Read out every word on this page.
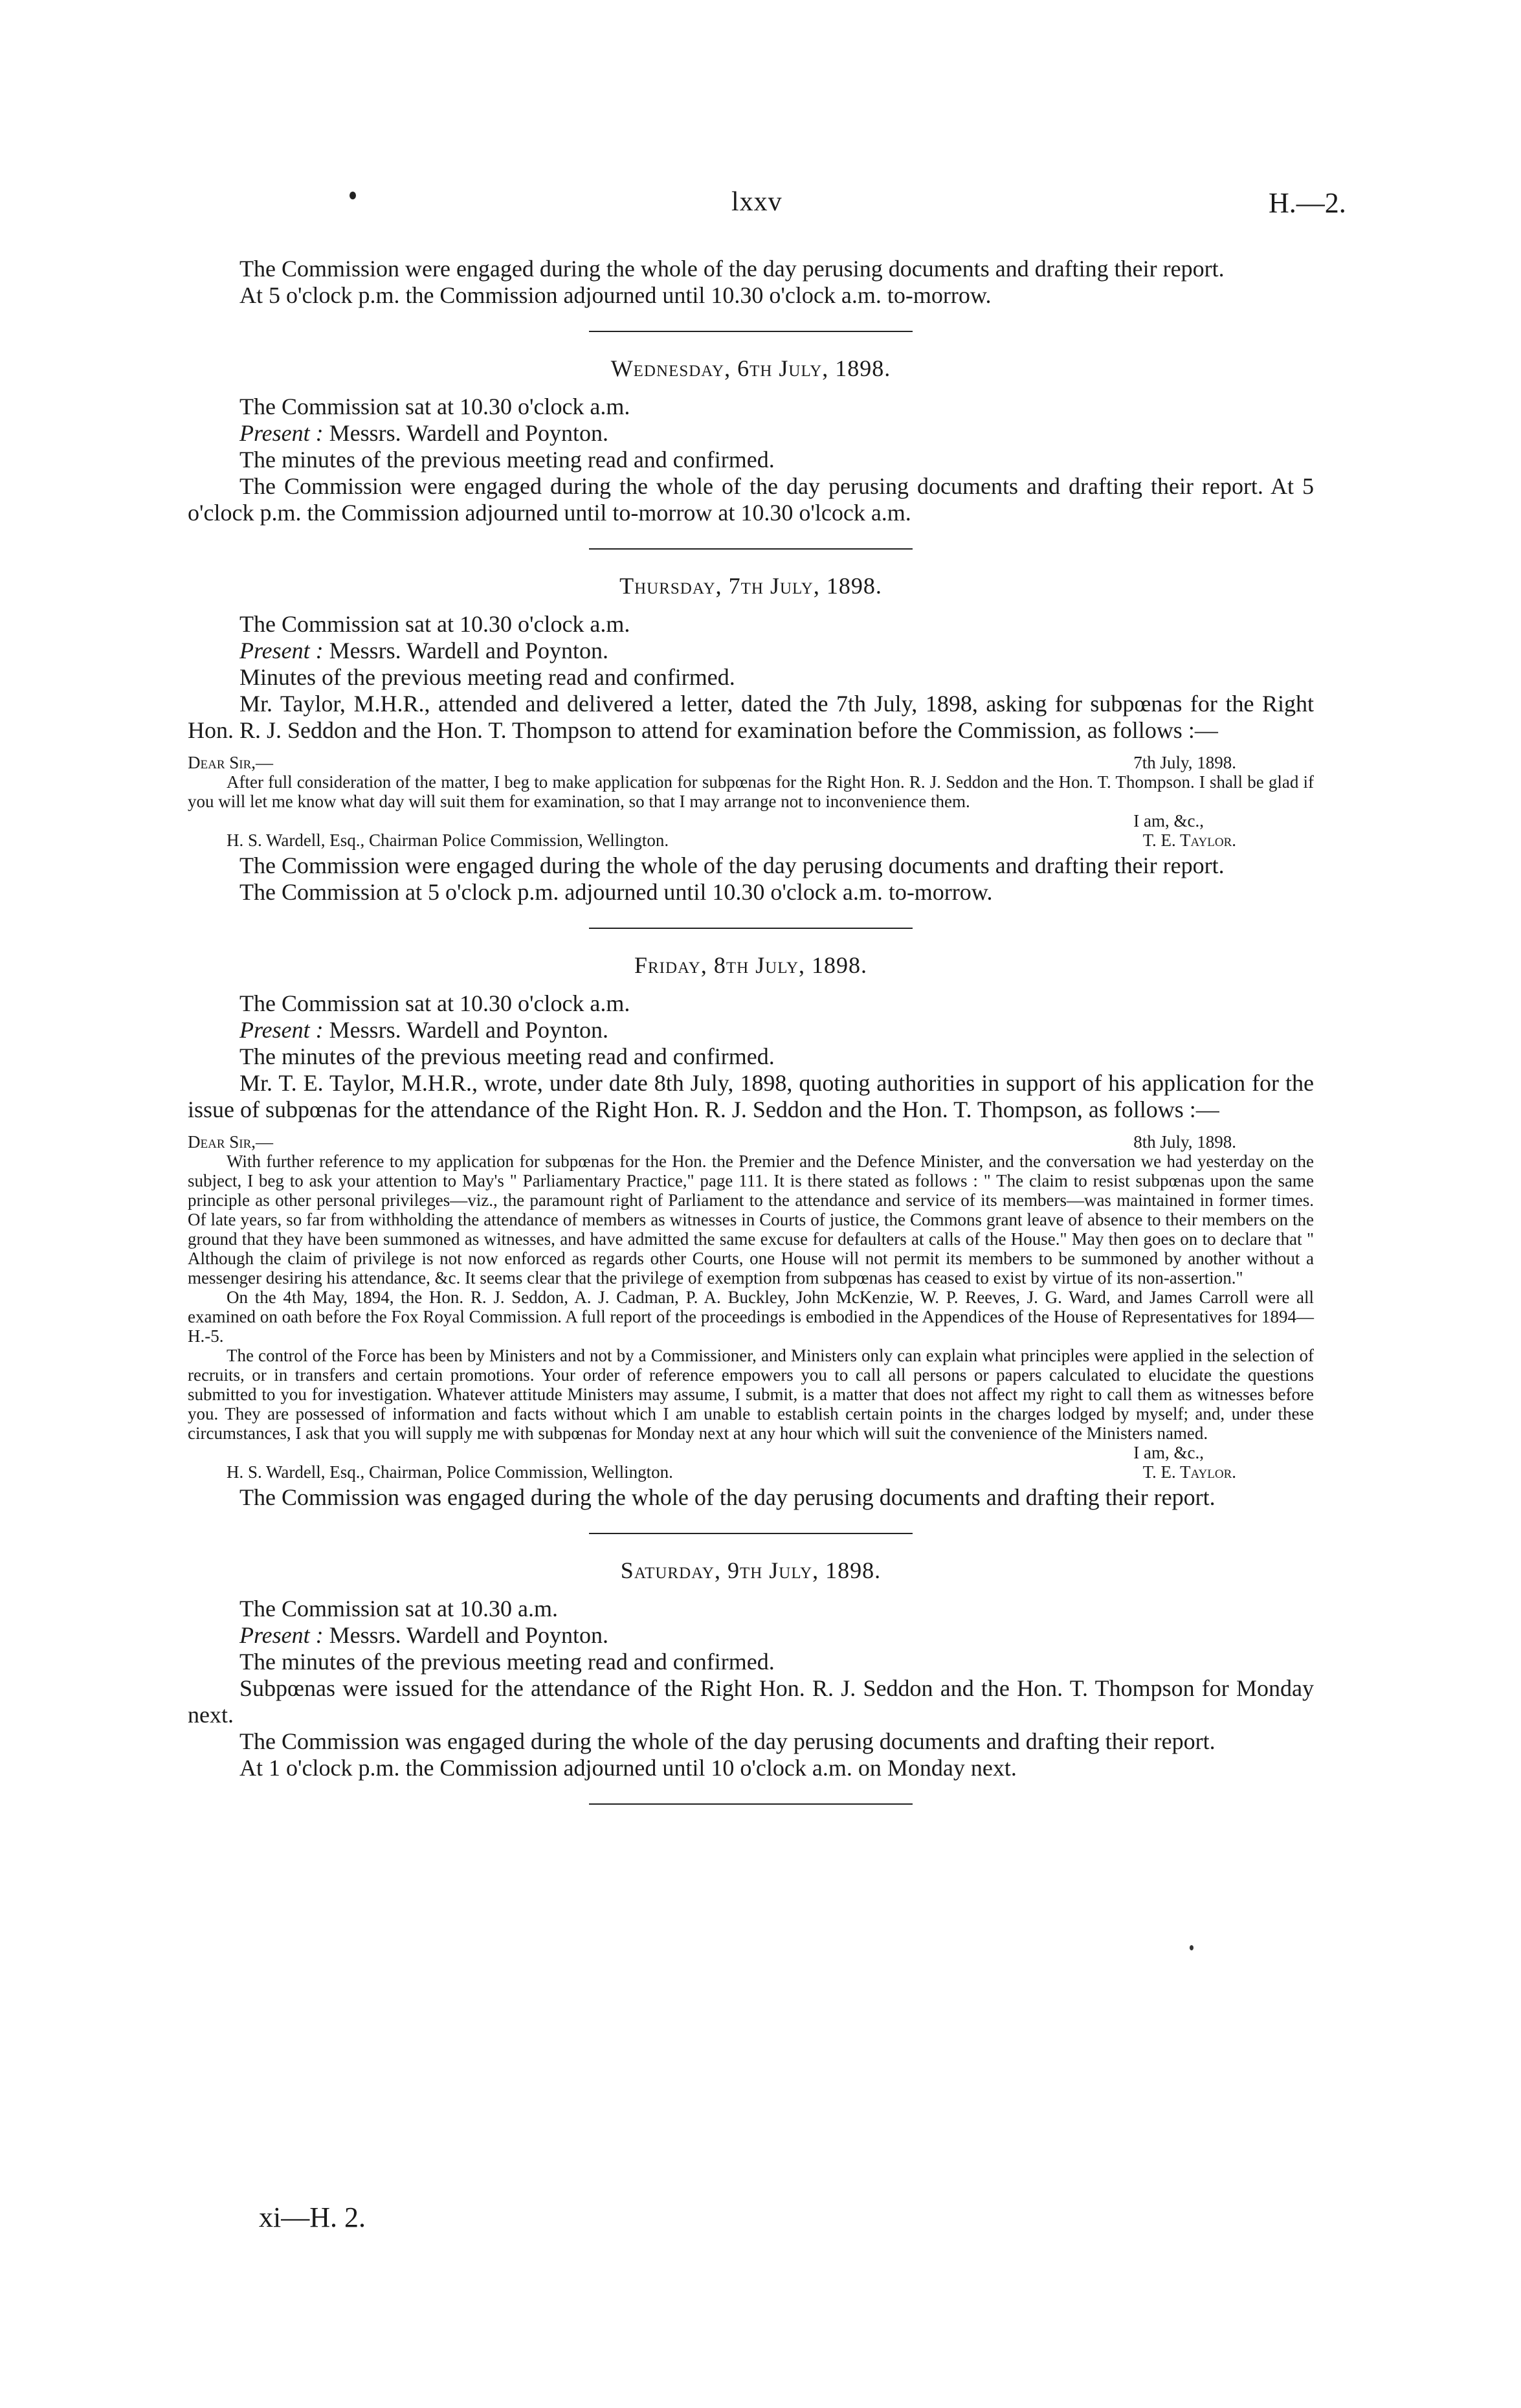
lxxv	H.—2.

The Commission were engaged during the whole of the day perusing documents and drafting their report.

At 5 o'clock p.m. the Commission adjourned until 10.30 o'clock a.m. to-morrow.

Wednesday, 6th July, 1898.

The Commission sat at 10.30 o'clock a.m.

Present : Messrs. Wardell and Poynton.

The minutes of the previous meeting read and confirmed.

The Commission were engaged during the whole of the day perusing documents and drafting their report. At 5 o'clock p.m. the Commission adjourned until to-morrow at 10.30 o'lcock a.m.

Thursday, 7th July, 1898.

The Commission sat at 10.30 o'clock a.m.

Present : Messrs. Wardell and Poynton.

Minutes of the previous meeting read and confirmed.

Mr. Taylor, M.H.R., attended and delivered a letter, dated the 7th July, 1898, asking for subpœnas for the Right Hon. R. J. Seddon and the Hon. T. Thompson to attend for examination before the Commission, as follows :—

Dear Sir,—	7th July, 1898.

After full consideration of the matter, I beg to make application for subpœnas for the Right Hon. R. J. Seddon and the Hon. T. Thompson. I shall be glad if you will let me know what day will suit them for examination, so that I may arrange not to inconvenience them.

I am, &c.,
H. S. Wardell, Esq., Chairman Police Commission, Wellington.	T. E. Taylor.

The Commission were engaged during the whole of the day perusing documents and drafting their report.

The Commission at 5 o'clock p.m. adjourned until 10.30 o'clock a.m. to-morrow.

Friday, 8th July, 1898.

The Commission sat at 10.30 o'clock a.m.

Present : Messrs. Wardell and Poynton.

The minutes of the previous meeting read and confirmed.

Mr. T. E. Taylor, M.H.R., wrote, under date 8th July, 1898, quoting authorities in support of his application for the issue of subpœnas for the attendance of the Right Hon. R. J. Seddon and the Hon. T. Thompson, as follows :—

Dear Sir,—	8th July, 1898.

With further reference to my application for subpœnas for the Hon. the Premier and the Defence Minister, and the conversation we had yesterday on the subject, I beg to ask your attention to May's " Parliamentary Practice," page 111. It is there stated as follows : " The claim to resist subpœnas upon the same principle as other personal privileges—viz., the paramount right of Parliament to the attendance and service of its members—was maintained in former times. Of late years, so far from withholding the attendance of members as witnesses in Courts of justice, the Commons grant leave of absence to their members on the ground that they have been summoned as witnesses, and have admitted the same excuse for defaulters at calls of the House." May then goes on to declare that " Although the claim of privilege is not now enforced as regards other Courts, one House will not permit its members to be summoned by another without a messenger desiring his attendance, &c. It seems clear that the privilege of exemption from subpœnas has ceased to exist by virtue of its non-assertion."

On the 4th May, 1894, the Hon. R. J. Seddon, A. J. Cadman, P. A. Buckley, John McKenzie, W. P. Reeves, J. G. Ward, and James Carroll were all examined on oath before the Fox Royal Commission. A full report of the proceedings is embodied in the Appendices of the House of Representatives for 1894—H.-5.

The control of the Force has been by Ministers and not by a Commissioner, and Ministers only can explain what principles were applied in the selection of recruits, or in transfers and certain promotions. Your order of reference empowers you to call all persons or papers calculated to elucidate the questions submitted to you for investigation. Whatever attitude Ministers may assume, I submit, is a matter that does not affect my right to call them as witnesses before you. They are possessed of information and facts without which I am unable to establish certain points in the charges lodged by myself; and, under these circumstances, I ask that you will supply me with subpœnas for Monday next at any hour which will suit the convenience of the Ministers named.

I am, &c.,
H. S. Wardell, Esq., Chairman, Police Commission, Wellington.	T. E. Taylor.

The Commission was engaged during the whole of the day perusing documents and drafting their report.

Saturday, 9th July, 1898.

The Commission sat at 10.30 a.m.

Present : Messrs. Wardell and Poynton.

The minutes of the previous meeting read and confirmed.

Subpœnas were issued for the attendance of the Right Hon. R. J. Seddon and the Hon. T. Thompson for Monday next.

The Commission was engaged during the whole of the day perusing documents and drafting their report.

At 1 o'clock p.m. the Commission adjourned until 10 o'clock a.m. on Monday next.

xi—H. 2.
